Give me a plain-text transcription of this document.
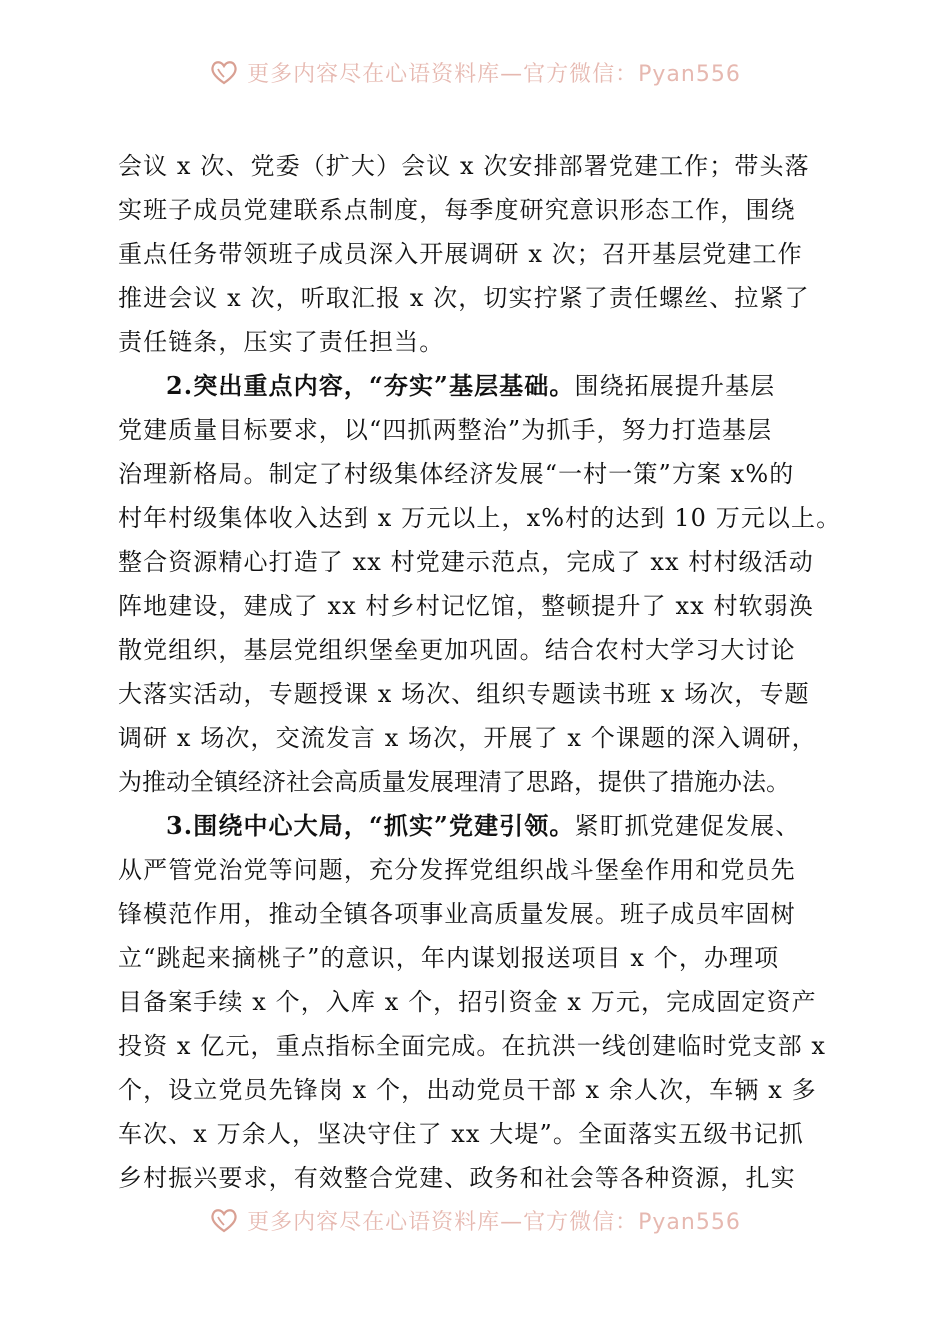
更多内容尽在心语资料库—官方微信：Pyan556
会议 x 次、党委（扩大）会议 x 次安排部署党建工作；带头落
实班子成员党建联系点制度，每季度研究意识形态工作，围绕
重点任务带领班子成员深入开展调研 x 次；召开基层党建工作
推进会议 x 次，听取汇报 x 次，切实拧紧了责任螺丝、拉紧了
责任链条，压实了责任担当。
2.突出重点内容，“夯实”基层基础。围绕拓展提升基层
党建质量目标要求，以“四抓两整治”为抓手，努力打造基层
治理新格局。制定了村级集体经济发展“一村一策”方案 x%的
村年村级集体收入达到 x 万元以上，x%村的达到 10 万元以上。
整合资源精心打造了 xx 村党建示范点，完成了 xx 村村级活动
阵地建设，建成了 xx 村乡村记忆馆，整顿提升了 xx 村软弱涣
散党组织，基层党组织堡垒更加巩固。结合农村大学习大讨论
大落实活动，专题授课 x 场次、组织专题读书班 x 场次，专题
调研 x 场次，交流发言 x 场次，开展了 x 个课题的深入调研，
为推动全镇经济社会高质量发展理清了思路，提供了措施办法。
3.围绕中心大局，“抓实”党建引领。紧盯抓党建促发展、
从严管党治党等问题，充分发挥党组织战斗堡垒作用和党员先
锋模范作用，推动全镇各项事业高质量发展。班子成员牢固树
立“跳起来摘桃子”的意识，年内谋划报送项目 x 个，办理项
目备案手续 x 个，入库 x 个，招引资金 x 万元，完成固定资产
投资 x 亿元，重点指标全面完成。在抗洪一线创建临时党支部 x
个，设立党员先锋岗 x 个，出动党员干部 x 余人次，车辆 x 多
车次、x 万余人，坚决守住了 xx 大堤”。全面落实五级书记抓
乡村振兴要求，有效整合党建、政务和社会等各种资源，扎实
更多内容尽在心语资料库—官方微信：Pyan556
